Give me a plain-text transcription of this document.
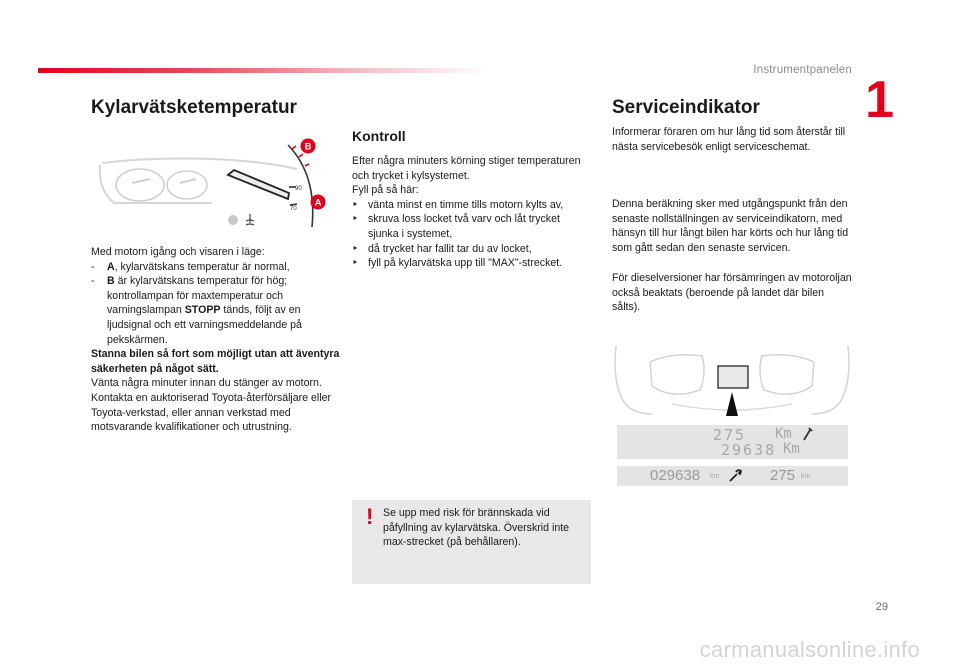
Instrumentpanelen
1
29
carmanualsonline.info
Kylarvätsketemperatur
90
70
B
A

Med motorn igång och visaren i läge:

- A, kylarvätskans temperatur är normal,
- B är kylarvätskans temperatur för hög; kontrollampan för maxtemperatur och varningslampan STOPP tänds, följt av en ljudsignal och ett varningsmeddelande på pekskärmen.

Stanna bilen så fort som möjligt utan att äventyra säkerheten på något sätt.

Vänta några minuter innan du stänger av motorn.

Kontakta en auktoriserad Toyota-återförsäljare eller Toyota-verkstad, eller annan verkstad med motsvarande kvalifikationer och utrustning.

Kontroll

Efter några minuters körning stiger temperaturen och trycket i kylsystemet.

Fyll på så här:

‣ vänta minst en timme tills motorn kylts av,
‣ skruva loss locket två varv och låt trycket sjunka i systemet,
‣ då trycket har fallit tar du av locket,
‣ fyll på kylarvätska upp till "MAX"-strecket.
! Se upp med risk för brännskada vid påfyllning av kylarvätska. Överskrid inte max-strecket (på behållaren).
Serviceindikator
Informerar föraren om hur lång tid som återstår till nästa servicebesök enligt serviceschemat.
Denna beräkning sker med utgångspunkt från den senaste nollställningen av serviceindikatorn, med hänsyn till hur långt bilen har körts och hur lång tid som gått sedan den senaste servicen.
För dieselversioner har försämringen av motoroljan också beaktats (beroende på landet där bilen sålts).
275 Km
29638 Km
029638 km	275 km
